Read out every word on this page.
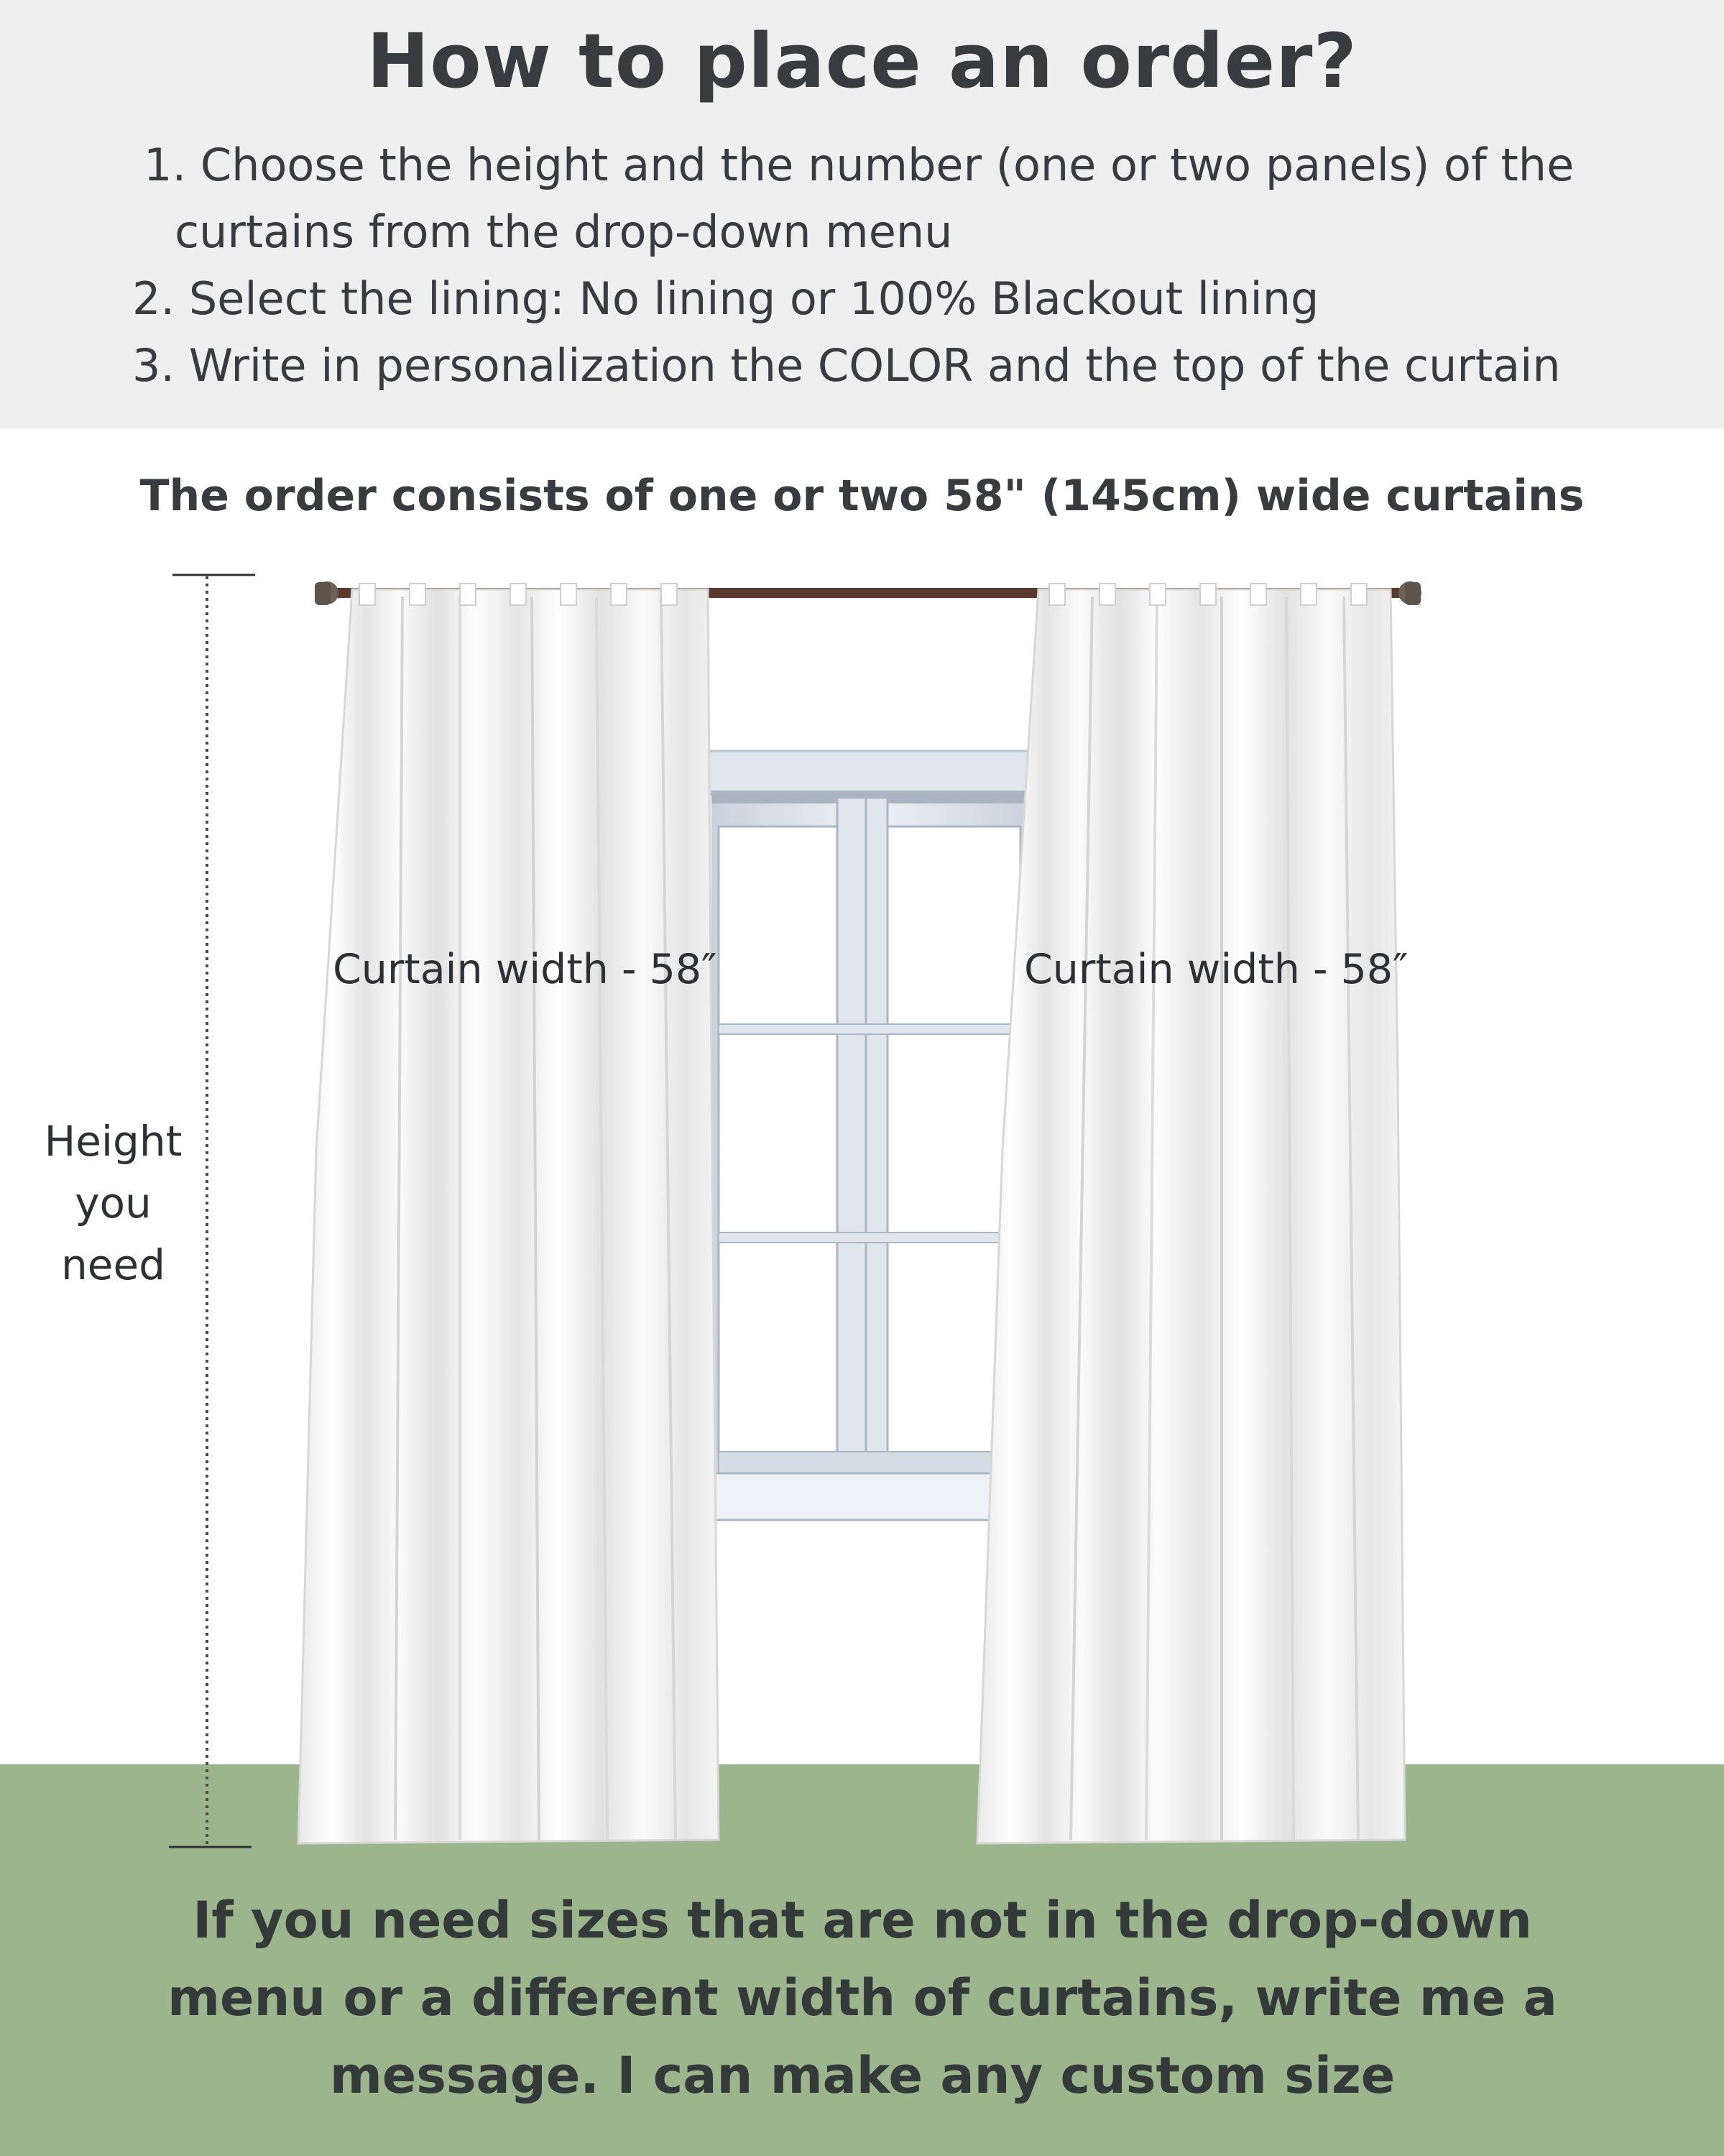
How to place an order?
1. Choose the height and the number (one or two panels) of the
curtains from the drop-down menu
2. Select the lining: No lining or 100% Blackout lining
3. Write in personalization the COLOR and the top of the curtain
The order consists of one or two 58" (145cm) wide curtains
Height
you
need
Curtain width - 58″	Curtain width - 58″
If you need sizes that are not in the drop-down
menu or a different width of curtains, write me a
message. I can make any custom size
